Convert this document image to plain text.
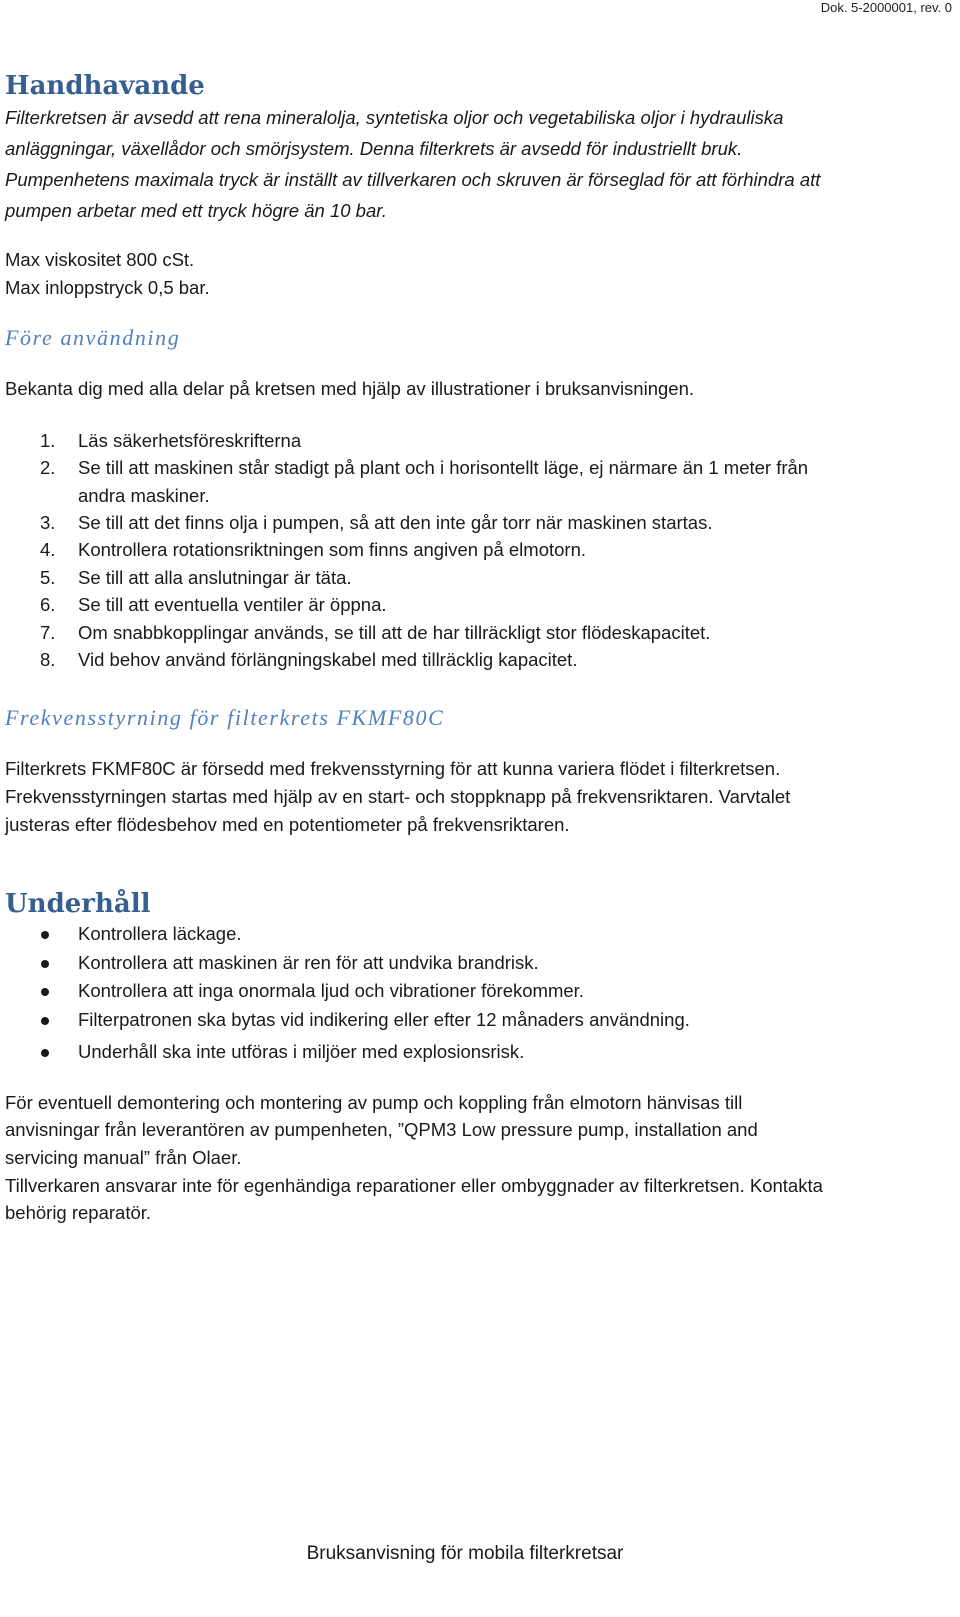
Dok. 5-2000001, rev. 0
Handhavande

Filterkretsen är avsedd att rena mineralolja, syntetiska oljor och vegetabiliska oljor i hydrauliska
anläggningar, växellådor och smörjsystem. Denna filterkrets är avsedd för industriellt bruk.
Pumpenhetens maximala tryck är inställt av tillverkaren och skruven är förseglad för att förhindra att
pumpen arbetar med ett tryck högre än 10 bar.

Max viskositet 800 cSt.
Max inloppstryck 0,5 bar.

Före användning

Bekanta dig med alla delar på kretsen med hjälp av illustrationer i bruksanvisningen.

1. Läs säkerhetsföreskrifterna
2. Se till att maskinen står stadigt på plant och i horisontellt läge, ej närmare än 1 meter från
andra maskiner.
3. Se till att det finns olja i pumpen, så att den inte går torr när maskinen startas.
4. Kontrollera rotationsriktningen som finns angiven på elmotorn.
5. Se till att alla anslutningar är täta.
6. Se till att eventuella ventiler är öppna.
7. Om snabbkopplingar används, se till att de har tillräckligt stor flödeskapacitet.
8. Vid behov använd förlängningskabel med tillräcklig kapacitet.
Frekvensstyrning för filterkrets FKMF80C

Filterkrets FKMF80C är försedd med frekvensstyrning för att kunna variera flödet i filterkretsen.
Frekvensstyrningen startas med hjälp av en start- och stoppknapp på frekvensriktaren. Varvtalet
justeras efter flödesbehov med en potentiometer på frekvensriktaren.

Underhåll
Kontrollera läckage.
Kontrollera att maskinen är ren för att undvika brandrisk.
Kontrollera att inga onormala ljud och vibrationer förekommer.
Filterpatronen ska bytas vid indikering eller efter 12 månaders användning.
Underhåll ska inte utföras i miljöer med explosionsrisk.

För eventuell demontering och montering av pump och koppling från elmotorn hänvisas till
anvisningar från leverantören av pumpenheten, ”QPM3 Low pressure pump, installation and
servicing manual” från Olaer.
Tillverkaren ansvarar inte för egenhändiga reparationer eller ombyggnader av filterkretsen. Kontakta
behörig reparatör.

Bruksanvisning för mobila filterkretsar
